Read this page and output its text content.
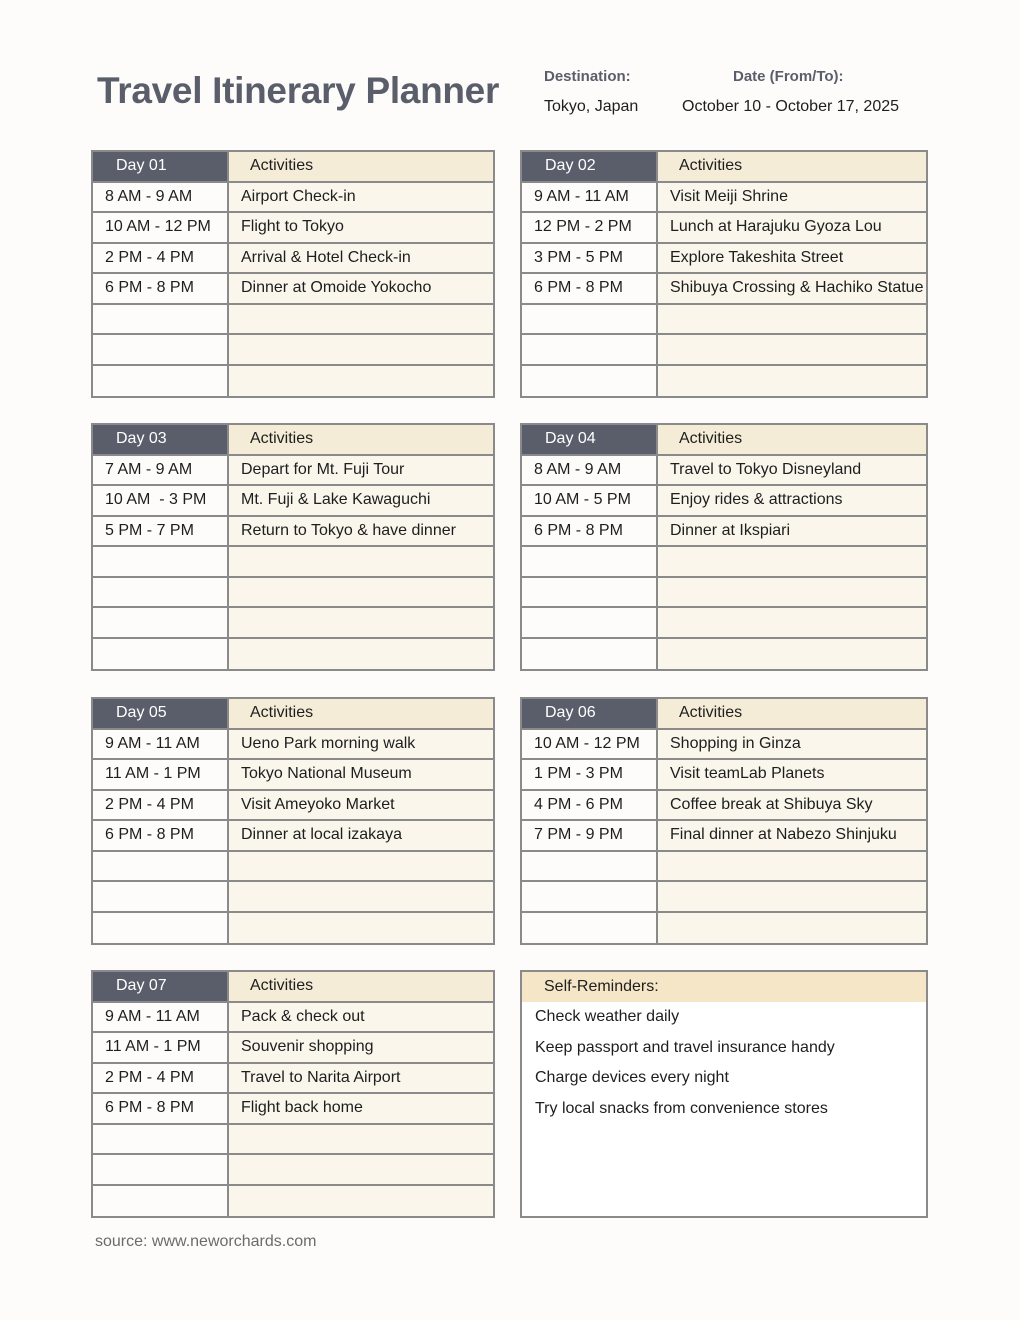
Travel Itinerary Planner	Destination:
Tokyo, Japan
Date (From/To):
October 10 - October 17, 2025
Day 01	Activities
8 AM - 9 AM	Airport Check-in
10 AM - 12 PM	Flight to Tokyo
2 PM - 4 PM	Arrival & Hotel Check-in
6 PM - 8 PM	Dinner at Omoide Yokocho
Day 02	Activities
9 AM - 11 AM	Visit Meiji Shrine
12 PM - 2 PM	Lunch at Harajuku Gyoza Lou
3 PM - 5 PM	Explore Takeshita Street
6 PM - 8 PM	Shibuya Crossing & Hachiko Statue
Day 03	Activities
7 AM - 9 AM	Depart for Mt. Fuji Tour
10 AM  - 3 PM	Mt. Fuji & Lake Kawaguchi
5 PM - 7 PM	Return to Tokyo & have dinner
Day 04	Activities
8 AM - 9 AM	Travel to Tokyo Disneyland
10 AM - 5 PM	Enjoy rides & attractions
6 PM - 8 PM	Dinner at Ikspiari
Day 05	Activities
9 AM - 11 AM	Ueno Park morning walk
11 AM - 1 PM	Tokyo National Museum
2 PM - 4 PM	Visit Ameyoko Market
6 PM - 8 PM	Dinner at local izakaya
Day 06	Activities
10 AM - 12 PM	Shopping in Ginza
1 PM - 3 PM	Visit teamLab Planets
4 PM - 6 PM	Coffee break at Shibuya Sky
7 PM - 9 PM	Final dinner at Nabezo Shinjuku
Day 07	Activities
9 AM - 11 AM	Pack & check out
11 AM - 1 PM	Souvenir shopping
2 PM - 4 PM	Travel to Narita Airport
6 PM - 8 PM	Flight back home
Self-Reminders:
Check weather daily
Keep passport and travel insurance handy
Charge devices every night
Try local snacks from convenience stores
source: www.neworchards.com
